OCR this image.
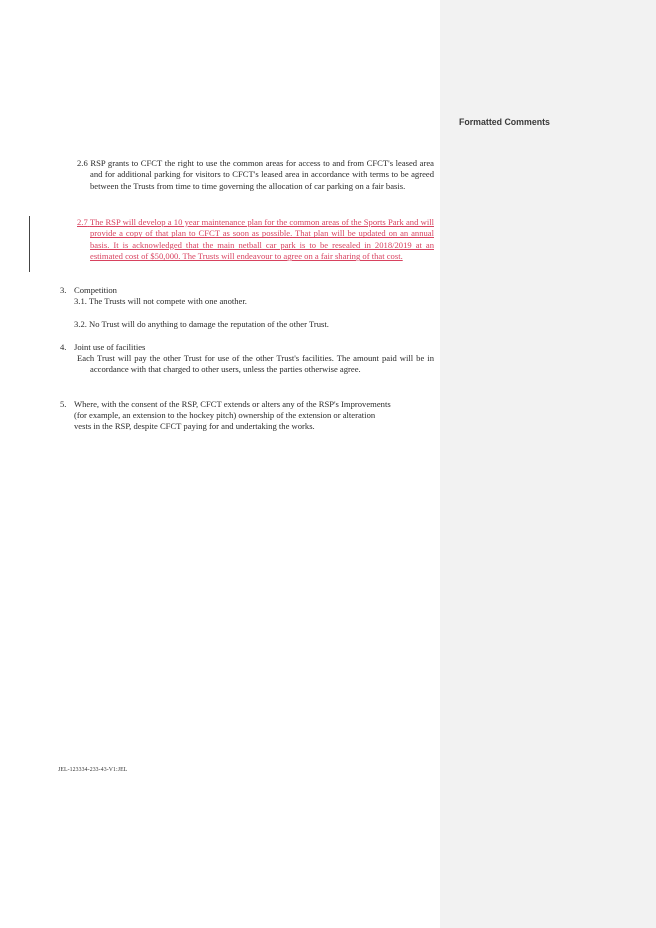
Formatted Comments
2.6 RSP grants to CFCT the right to use the common areas for access to and from CFCT's leased area and for additional parking for visitors to CFCT's leased area in accordance with terms to be agreed between the Trusts from time to time governing the allocation of car parking on a fair basis.
2.7 The RSP will develop a 10 year maintenance plan for the common areas of the Sports Park and will provide a copy of that plan to CFCT as soon as possible. That plan will be updated on an annual basis. It is acknowledged that the main netball car park is to be resealed in 2018/2019 at an estimated cost of $50,000. The Trusts will endeavour to agree on a fair sharing of that cost.
3. Competition
3.1. The Trusts will not compete with one another.
3.2. No Trust will do anything to damage the reputation of the other Trust.
4. Joint use of facilities
Each Trust will pay the other Trust for use of the other Trust's facilities. The amount paid will be in accordance with that charged to other users, unless the parties otherwise agree.
5. Where, with the consent of the RSP, CFCT extends or alters any of the RSP's Improvements
(for example, an extension to the hockey pitch) ownership of the extension or alteration
vests in the RSP, despite CFCT paying for and undertaking the works.
JEL-123334-233-43-V1:JEL
